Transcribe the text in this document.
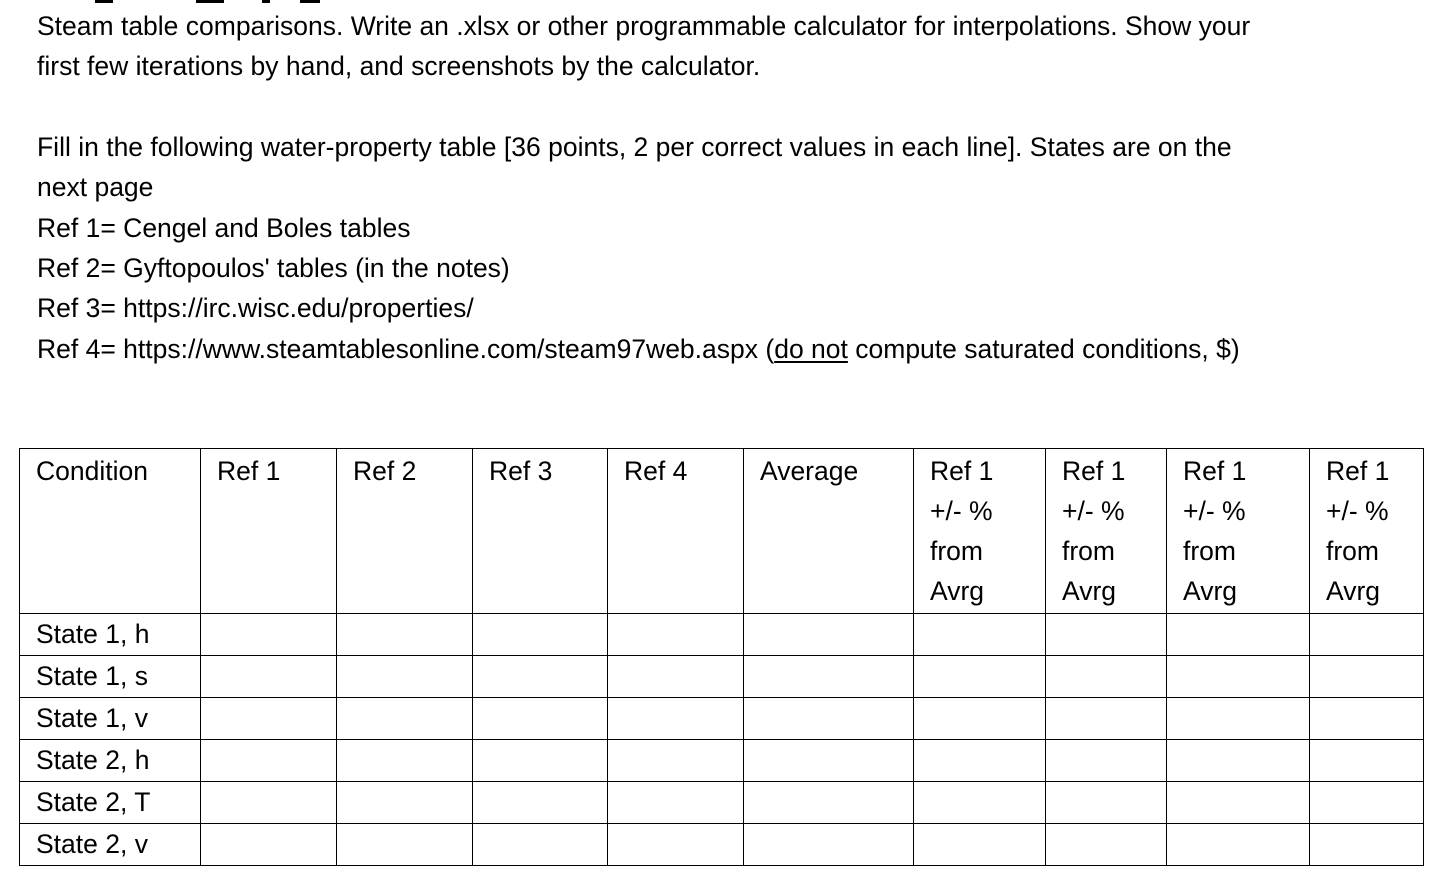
Steam table comparisons. Write an .xlsx or other programmable calculator for interpolations. Show your

first few iterations by hand, and screenshots by the calculator.

Fill in the following water-property table [36 points, 2 per correct values in each line]. States are on the

next page

Ref 1= Cengel and Boles tables

Ref 2= Gyftopoulos' tables (in the notes)

Ref 3= https://irc.wisc.edu/properties/

Ref 4= https://www.steamtablesonline.com/steam97web.aspx (do not compute saturated conditions, $)

Condition	Ref 1	Ref 2	Ref 3	Ref 4	Average	Ref 1
+/- %
from
Avrg	Ref 1
+/- %
from
Avrg	Ref 1
+/- %
from
Avrg	Ref 1
+/- %
from
Avrg

State 1, h									
State 1, s									
State 1, v									
State 2, h									
State 2, T									
State 2, v									
